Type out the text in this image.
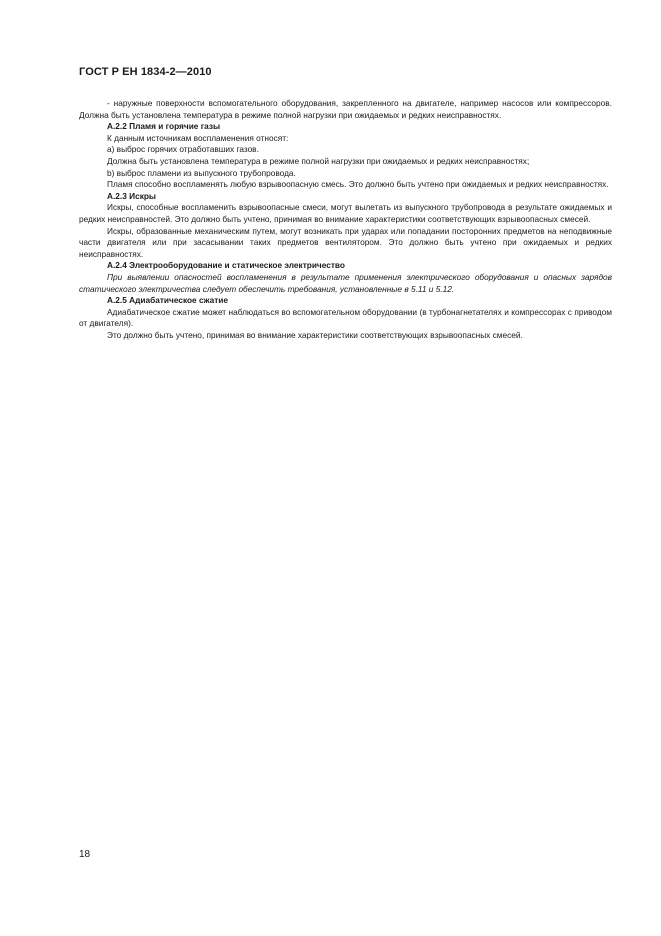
ГОСТ Р ЕН 1834-2—2010

- наружные поверхности вспомогательного оборудования, закрепленного на двигателе, например насосов или компрессоров. Должна быть установлена температура в режиме полной нагрузки при ожидаемых и редких неисправностях.

А.2.2 Пламя и горячие газы

К данным источникам воспламенения относят:

а) выброс горячих отработавших газов.

Должна быть установлена температура в режиме полной нагрузки при ожидаемых и редких неисправностях;

b) выброс пламени из выпускного трубопровода.

Пламя способно воспламенять любую взрывоопасную смесь. Это должно быть учтено при ожидаемых и редких неисправностях.

А.2.3 Искры

Искры, способные воспламенить взрывоопасные смеси, могут вылетать из выпускного трубопровода в результате ожидаемых и редких неисправностей. Это должно быть учтено, принимая во внимание характеристики соответствующих взрывоопасных смесей.

Искры, образованные механическим путем, могут возникать при ударах или попадании посторонних предметов на неподвижные части двигателя или при засасывании таких предметов вентилятором. Это должно быть учтено при ожидаемых и редких неисправностях.

А.2.4 Электрооборудование и статическое электричество

При выявлении опасностей воспламенения в результате применения электрического оборудования и опасных зарядов статического электричества следует обеспечить требования, установленные в 5.11 и 5.12.

А.2.5 Адиабатическое сжатие

Адиабатическое сжатие может наблюдаться во вспомогательном оборудовании (в турбонагнетателях и компрессорах с приводом от двигателя).

Это должно быть учтено, принимая во внимание характеристики соответствующих взрывоопасных смесей.

18
